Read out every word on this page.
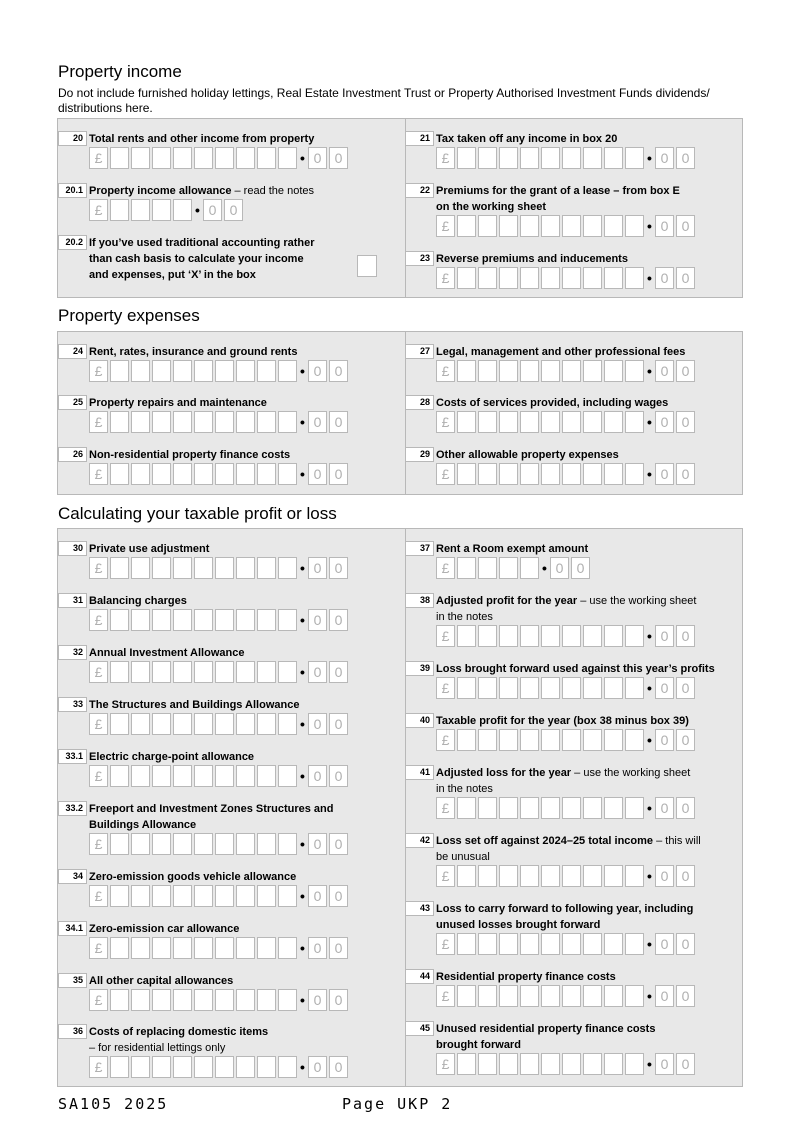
Property income
Do not include furnished holiday lettings, Real Estate Investment Trust or Property Authorised Investment Funds dividends/ distributions here.
20 Total rents and other income from property
£	• 0 0
21 Tax taken off any income in box 20
£	• 0 0
20.1 Property income allowance – read the notes
£	• 0 0
22 Premiums for the grant of a lease – from box E
on the working sheet
£	• 0 0
20.2 If you’ve used traditional accounting rather
than cash basis to calculate your income
and expenses, put ‘X’ in the box
23 Reverse premiums and inducements
£	• 0 0
Property expenses
24 Rent, rates, insurance and ground rents
£	• 0 0
27 Legal, management and other professional fees
£	• 0 0
25 Property repairs and maintenance
£	• 0 0
28 Costs of services provided, including wages
£	• 0 0
26 Non-residential property finance costs
£	• 0 0
29 Other allowable property expenses
£	• 0 0
Calculating your taxable profit or loss
30 Private use adjustment
£	• 0 0
31 Balancing charges
£	• 0 0
32 Annual Investment Allowance
£	• 0 0
33 The Structures and Buildings Allowance
£	• 0 0
33.1 Electric charge-point allowance
£	• 0 0
33.2 Freeport and Investment Zones Structures and
Buildings Allowance
£	• 0 0
34 Zero-emission goods vehicle allowance
£	• 0 0
34.1 Zero-emission car allowance
£	• 0 0
35 All other capital allowances
£	• 0 0
36 Costs of replacing domestic items
– for residential lettings only
£	• 0 0
37 Rent a Room exempt amount
£	• 0 0
38 Adjusted profit for the year – use the working sheet
in the notes
£	• 0 0
39 Loss brought forward used against this year’s profits
£	• 0 0
40 Taxable profit for the year (box 38 minus box 39)
£	• 0 0
41 Adjusted loss for the year – use the working sheet
in the notes
£	• 0 0
42 Loss set off against 2024–25 total income – this will
be unusual
£	• 0 0
43 Loss to carry forward to following year, including
unused losses brought forward
£	• 0 0
44 Residential property finance costs
£	• 0 0
45 Unused residential property finance costs
brought forward
£	• 0 0
SA105 2025	Page UKP 2
